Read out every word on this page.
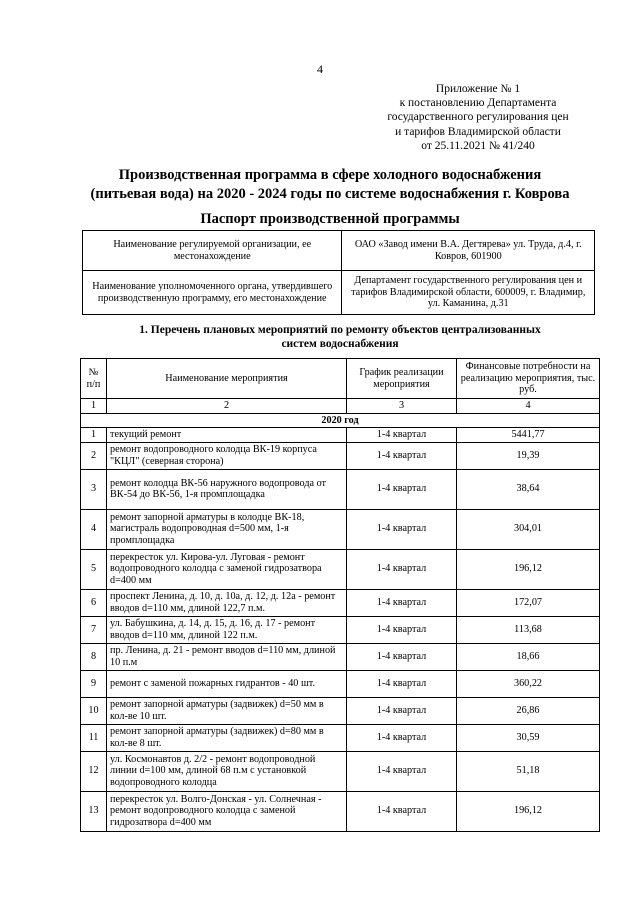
4
Приложение № 1
к постановлению Департамента
государственного регулирования цен
и тарифов Владимирской области
от 25.11.2021 № 41/240
Производственная программа в сфере холодного водоснабжения
(питьевая вода) на 2020 - 2024 годы по системе водоснабжения г. Коврова
Паспорт производственной программы
Наименование регулируемой организации, ее местонахождение	ОАО «Завод имени В.А. Дегтярева» ул. Труда, д.4, г. Ковров, 601900
Наименование уполномоченного органа, утвердившего производственную программу, его местонахождение	Департамент государственного регулирования цен и тарифов Владимирской области, 600009, г. Владимир, ул. Каманина, д.31
1. Перечень плановых мероприятий по ремонту объектов централизованных
систем водоснабжения
№ п/п	Наименование мероприятия	График реализации мероприятия	Финансовые потребности на реализацию мероприятия, тыс. руб.
1	2	3	4
2020 год			
1	текущий ремонт	1-4 квартал	5441,77
2	ремонт водопроводного колодца ВК-19 корпуса "КЦЛ" (северная сторона)	1-4 квартал	19,39
3	ремонт колодца ВК-56 наружного водопровода от ВК-54 до ВК-56, 1-я промплощадка	1-4 квартал	38,64
4	ремонт запорной арматуры в колодце ВК-18, магистраль водопроводная d=500 мм, 1-я промплощадка	1-4 квартал	304,01
5	перекресток ул. Кирова-ул. Луговая - ремонт водопроводного колодца с заменой гидрозатвора d=400 мм	1-4 квартал	196,12
6	проспект Ленина, д. 10, д. 10а, д. 12, д. 12а - ремонт вводов d=110 мм, длиной 122,7 п.м.	1-4 квартал	172,07
7	ул. Бабушкина, д. 14, д. 15, д. 16, д. 17 - ремонт вводов d=110 мм, длиной 122 п.м.	1-4 квартал	113,68
8	пр. Ленина, д. 21 - ремонт вводов d=110 мм, длиной 10 п.м	1-4 квартал	18,66
9	ремонт с заменой пожарных гидрантов - 40 шт.	1-4 квартал	360,22
10	ремонт запорной арматуры (задвижек) d=50 мм в кол-ве 10 шт.	1-4 квартал	26,86
11	ремонт запорной арматуры (задвижек) d=80 мм в кол-ве 8 шт.	1-4 квартал	30,59
12	ул. Космонавтов д. 2/2 - ремонт водопроводной линии d=100 мм, длиной 68 п.м с установкой водопроводного колодца	1-4 квартал	51,18
13	перекресток ул. Волго-Донская - ул. Солнечная - ремонт водопроводного колодца с заменой гидрозатвора d=400 мм	1-4 квартал	196,12
